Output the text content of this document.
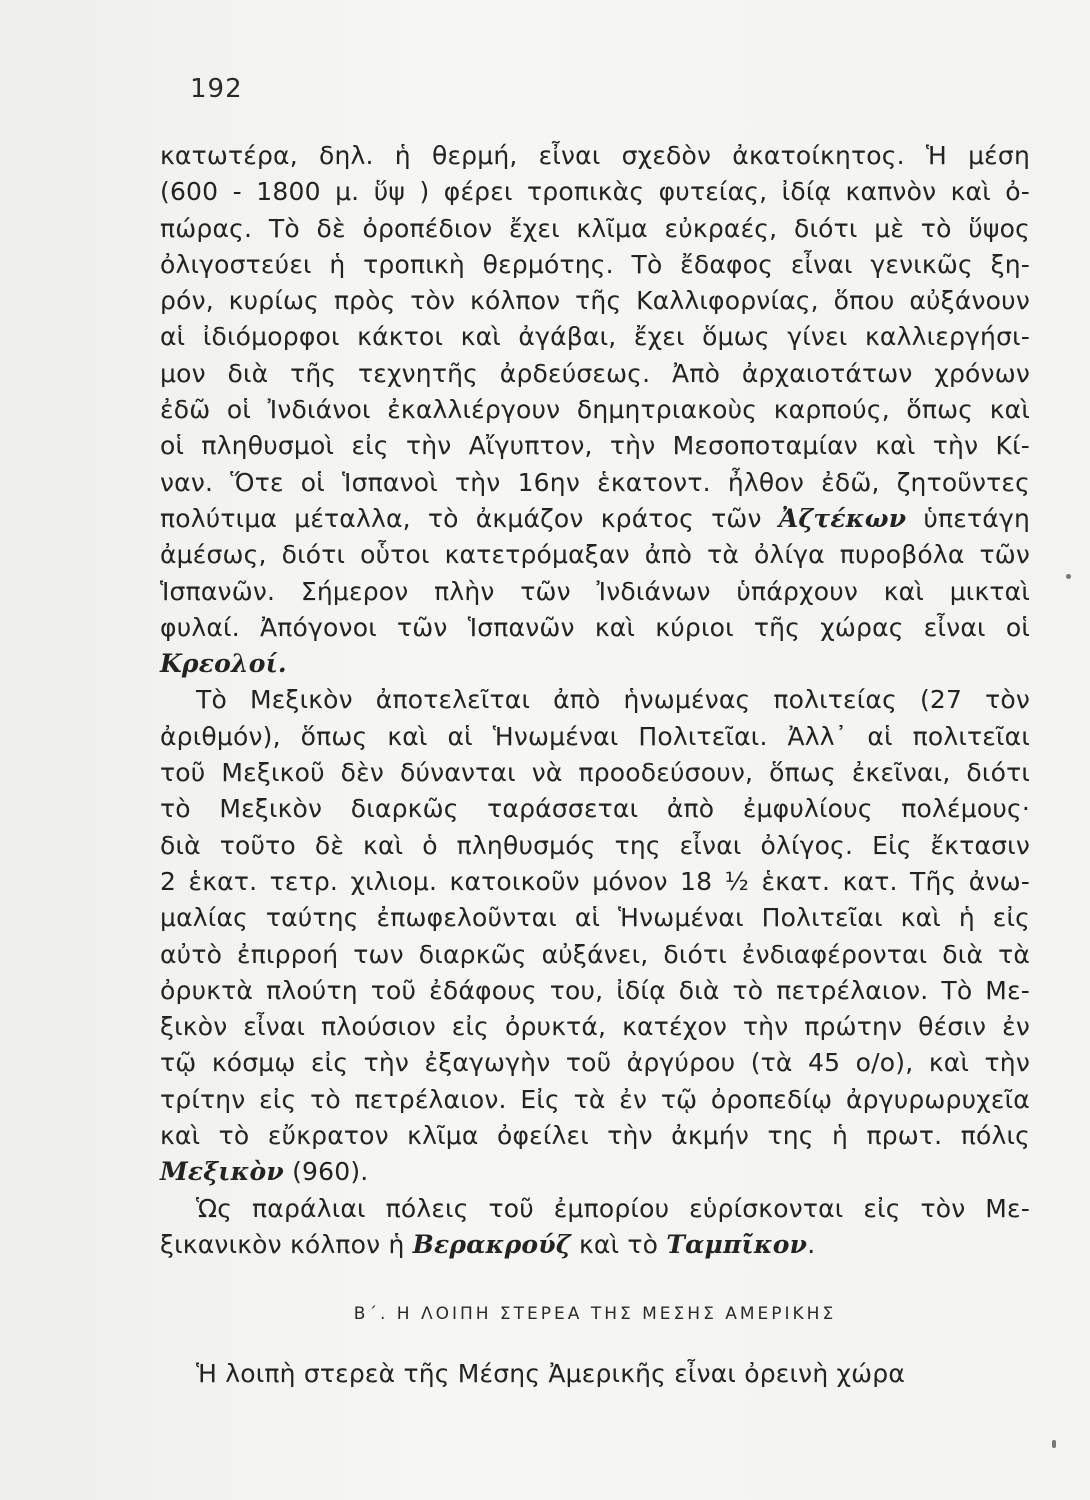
192
κατωτέρα, δηλ. ἡ θερμή, εἶναι σχεδὸν ἀκατοίκητος. Ἡ μέση
(600 - 1800 μ. ὕψ ) φέρει τροπικὰς φυτείας, ἰδίᾳ καπνὸν καὶ ὀ-
πώρας. Τὸ δὲ ὀροπέδιον ἔχει κλῖμα εὐκραές, διότι μὲ τὸ ὕψος
ὀλιγοστεύει ἡ τροπικὴ θερμότης. Τὸ ἔδαφος εἶναι γενικῶς ξη-
ρόν, κυρίως πρὸς τὸν κόλπον τῆς Καλλιφορνίας, ὅπου αὐξάνουν
αἱ ἰδιόμορφοι κάκτοι καὶ ἀγάβαι, ἔχει ὅμως γίνει καλλιεργήσι-
μον διὰ τῆς τεχνητῆς ἀρδεύσεως. Ἀπὸ ἀρχαιοτάτων χρόνων
ἐδῶ οἱ Ἰνδιάνοι ἐκαλλιέργουν δημητριακοὺς καρπούς, ὅπως καὶ
οἱ πληθυσμοὶ εἰς τὴν Αἴγυπτον, τὴν Μεσοποταμίαν καὶ τὴν Κί-
ναν. Ὅτε οἱ Ἱσπανοὶ τὴν 16ην ἑκατοντ. ἦλθον ἐδῶ, ζητοῦντες
πολύτιμα μέταλλα, τὸ ἀκμάζον κράτος τῶν Ἀζτέκων ὑπετάγη
ἀμέσως, διότι οὗτοι κατετρόμαξαν ἀπὸ τὰ ὀλίγα πυροβόλα τῶν
Ἱσπανῶν. Σήμερον πλὴν τῶν Ἰνδιάνων ὑπάρχουν καὶ μικταὶ
φυλαί. Ἀπόγονοι τῶν Ἱσπανῶν καὶ κύριοι τῆς χώρας εἶναι οἱ
Κρεολοί.
Τὸ Μεξικὸν ἀποτελεῖται ἀπὸ ἡνωμένας πολιτείας (27 τὸν
ἀριθμόν), ὅπως καὶ αἱ Ἡνωμέναι Πολιτεῖαι. Ἀλλ᾽ αἱ πολιτεῖαι
τοῦ Μεξικοῦ δὲν δύνανται νὰ προοδεύσουν, ὅπως ἐκεῖναι, διότι
τὸ Μεξικὸν διαρκῶς ταράσσεται ἀπὸ ἐμφυλίους πολέμους·
διὰ τοῦτο δὲ καὶ ὁ πληθυσμός της εἶναι ὀλίγος. Εἰς ἔκτασιν
2 ἑκατ. τετρ. χιλιομ. κατοικοῦν μόνον 18 ½ ἑκατ. κατ. Τῆς ἀνω-
μαλίας ταύτης ἐπωφελοῦνται αἱ Ἡνωμέναι Πολιτεῖαι καὶ ἡ εἰς
αὐτὸ ἐπιρροή των διαρκῶς αὐξάνει, διότι ἐνδιαφέρονται διὰ τὰ
ὀρυκτὰ πλούτη τοῦ ἐδάφους του, ἰδίᾳ διὰ τὸ πετρέλαιον. Τὸ Με-
ξικὸν εἶναι πλούσιον εἰς ὀρυκτά, κατέχον τὴν πρώτην θέσιν ἐν
τῷ κόσμῳ εἰς τὴν ἐξαγωγὴν τοῦ ἀργύρου (τὰ 45 ο/ο), καὶ τὴν
τρίτην εἰς τὸ πετρέλαιον. Εἰς τὰ ἐν τῷ ὀροπεδίῳ ἀργυρωρυχεῖα
καὶ τὸ εὔκρατον κλῖμα ὀφείλει τὴν ἀκμήν της ἡ πρωτ. πόλις
Μεξικὸν (960).
Ὡς παράλιαι πόλεις τοῦ ἐμπορίου εὑρίσκονται εἰς τὸν Με-
ξικανικὸν κόλπον ἡ Βερακρούζ καὶ τὸ Ταμπῖκον.
Β΄. Η ΛΟΙΠΗ ΣΤΕΡΕΑ ΤΗΣ ΜΕΣΗΣ ΑΜΕΡΙΚΗΣ
Ἡ λοιπὴ στερεὰ τῆς Μέσης Ἀμερικῆς εἶναι ὀρεινὴ χώρα
